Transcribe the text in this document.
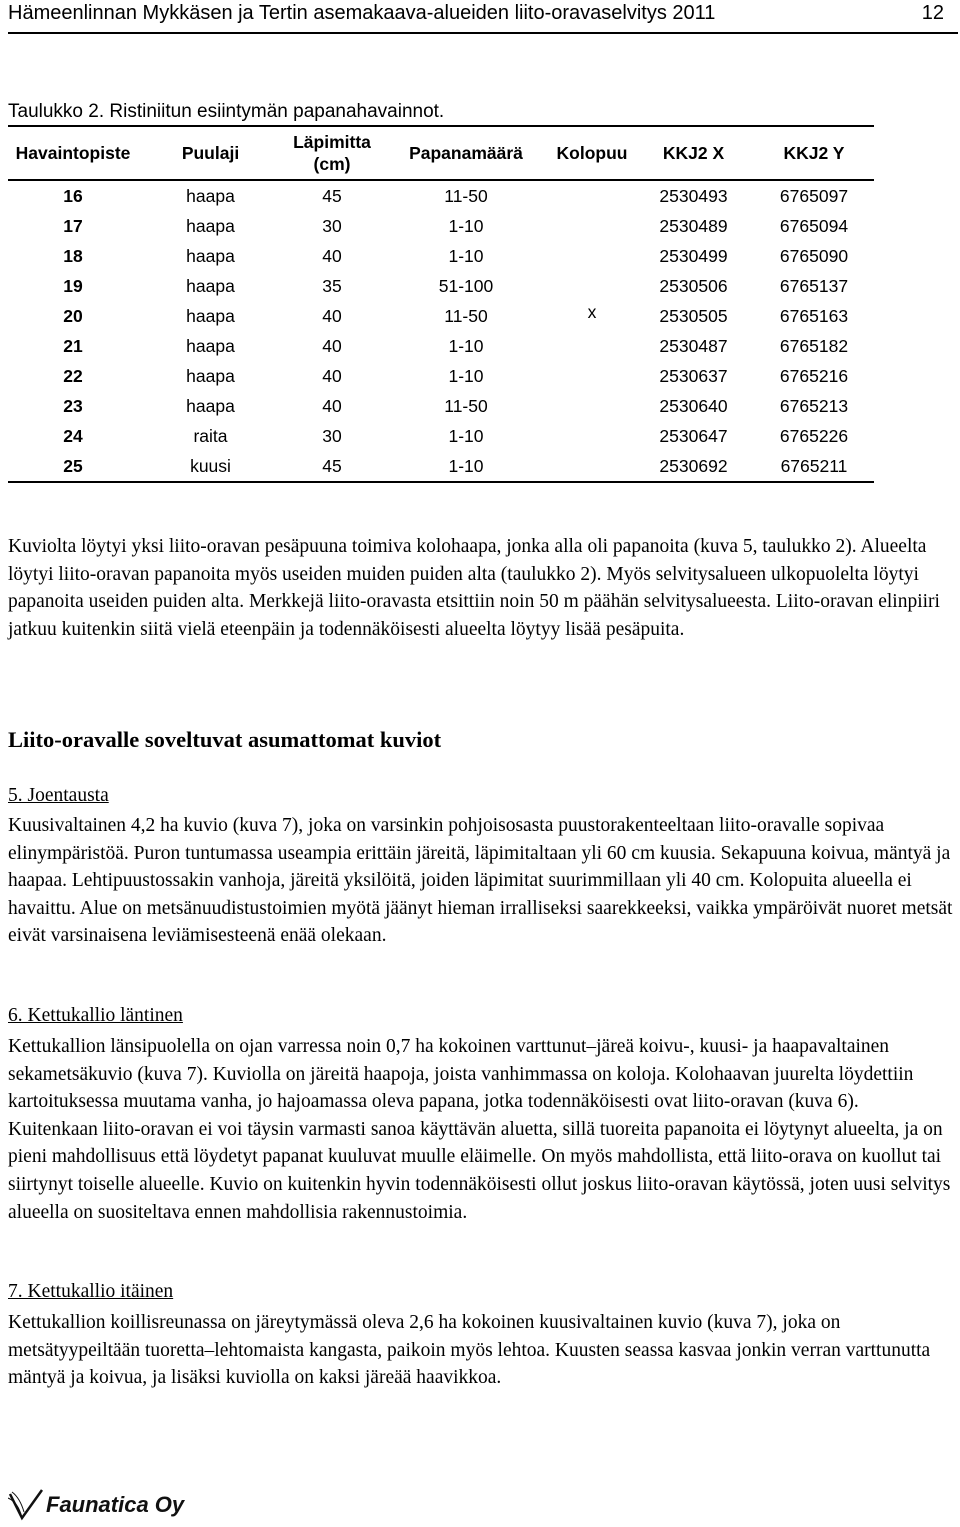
Hämeenlinnan Mykkäsen ja Tertin asemakaava-alueiden liito-oravaselvitys 2011	12
Taulukko 2. Ristiniitun esiintymän papanahavainnot.
Havaintopiste	Puulaji	Läpimitta (cm)	Papanamäärä	Kolopuu	KKJ2 X	KKJ2 Y
16	haapa	45	11-50		2530493	6765097
17	haapa	30	1-10		2530489	6765094
18	haapa	40	1-10		2530499	6765090
19	haapa	35	51-100		2530506	6765137
20	haapa	40	11-50	x	2530505	6765163
21	haapa	40	1-10		2530487	6765182
22	haapa	40	1-10		2530637	6765216
23	haapa	40	11-50		2530640	6765213
24	raita	30	1-10		2530647	6765226
25	kuusi	45	1-10		2530692	6765211

Kuviolta löytyi yksi liito-oravan pesäpuuna toimiva kolohaapa, jonka alla oli papanoita (kuva 5, taulukko 2). Alueelta löytyi liito-oravan papanoita myös useiden muiden puiden alta (taulukko 2). Myös selvitysalueen ulkopuolelta löytyi papanoita useiden puiden alta. Merkkejä liito-oravasta etsittiin noin 50 m päähän selvitysalueesta. Liito-oravan elinpiiri jatkuu kuitenkin siitä vielä eteenpäin ja todennäköisesti alueelta löytyy lisää pesäpuita.

Liito-oravalle soveltuvat asumattomat kuviot
5. Joentausta

Kuusivaltainen 4,2 ha kuvio (kuva 7), joka on varsinkin pohjoisosasta puustorakenteeltaan liito-oravalle sopivaa elinympäristöä. Puron tuntumassa useampia erittäin järeitä, läpimitaltaan yli 60 cm kuusia. Sekapuuna koivua, mäntyä ja haapaa. Lehtipuustossakin vanhoja, järeitä yksilöitä, joiden läpimitat suurimmillaan yli 40 cm. Kolopuita alueella ei havaittu. Alue on metsänuudistustoimien myötä jäänyt hieman irralliseksi saarekkeeksi, vaikka ympäröivät nuoret metsät eivät varsinaisena leviämisesteenä enää olekaan.

6. Kettukallio läntinen

Kettukallion länsipuolella on ojan varressa noin 0,7 ha kokoinen varttunut–järeä koivu-, kuusi- ja haapavaltainen sekametsäkuvio (kuva 7). Kuviolla on järeitä haapoja, joista vanhimmassa on koloja. Kolohaavan juurelta löydettiin kartoituksessa muutama vanha, jo hajoamassa oleva papana, jotka todennäköisesti ovat liito-oravan (kuva 6). Kuitenkaan liito-oravan ei voi täysin varmasti sanoa käyttävän aluetta, sillä tuoreita papanoita ei löytynyt alueelta, ja on pieni mahdollisuus että löydetyt papanat kuuluvat muulle eläimelle. On myös mahdollista, että liito-orava on kuollut tai siirtynyt toiselle alueelle. Kuvio on kuitenkin hyvin todennäköisesti ollut joskus liito-oravan käytössä, joten uusi selvitys alueella on suositeltava ennen mahdollisia rakennustoimia.

7. Kettukallio itäinen

Kettukallion koillisreunassa on järeytymässä oleva 2,6 ha kokoinen kuusivaltainen kuvio (kuva 7), joka on metsätyypeiltään tuoretta–lehtomaista kangasta, paikoin myös lehtoa. Kuusten seassa kasvaa jonkin verran varttunutta mäntyä ja koivua, ja lisäksi kuviolla on kaksi järeää haavikkoa.

Faunatica Oy
